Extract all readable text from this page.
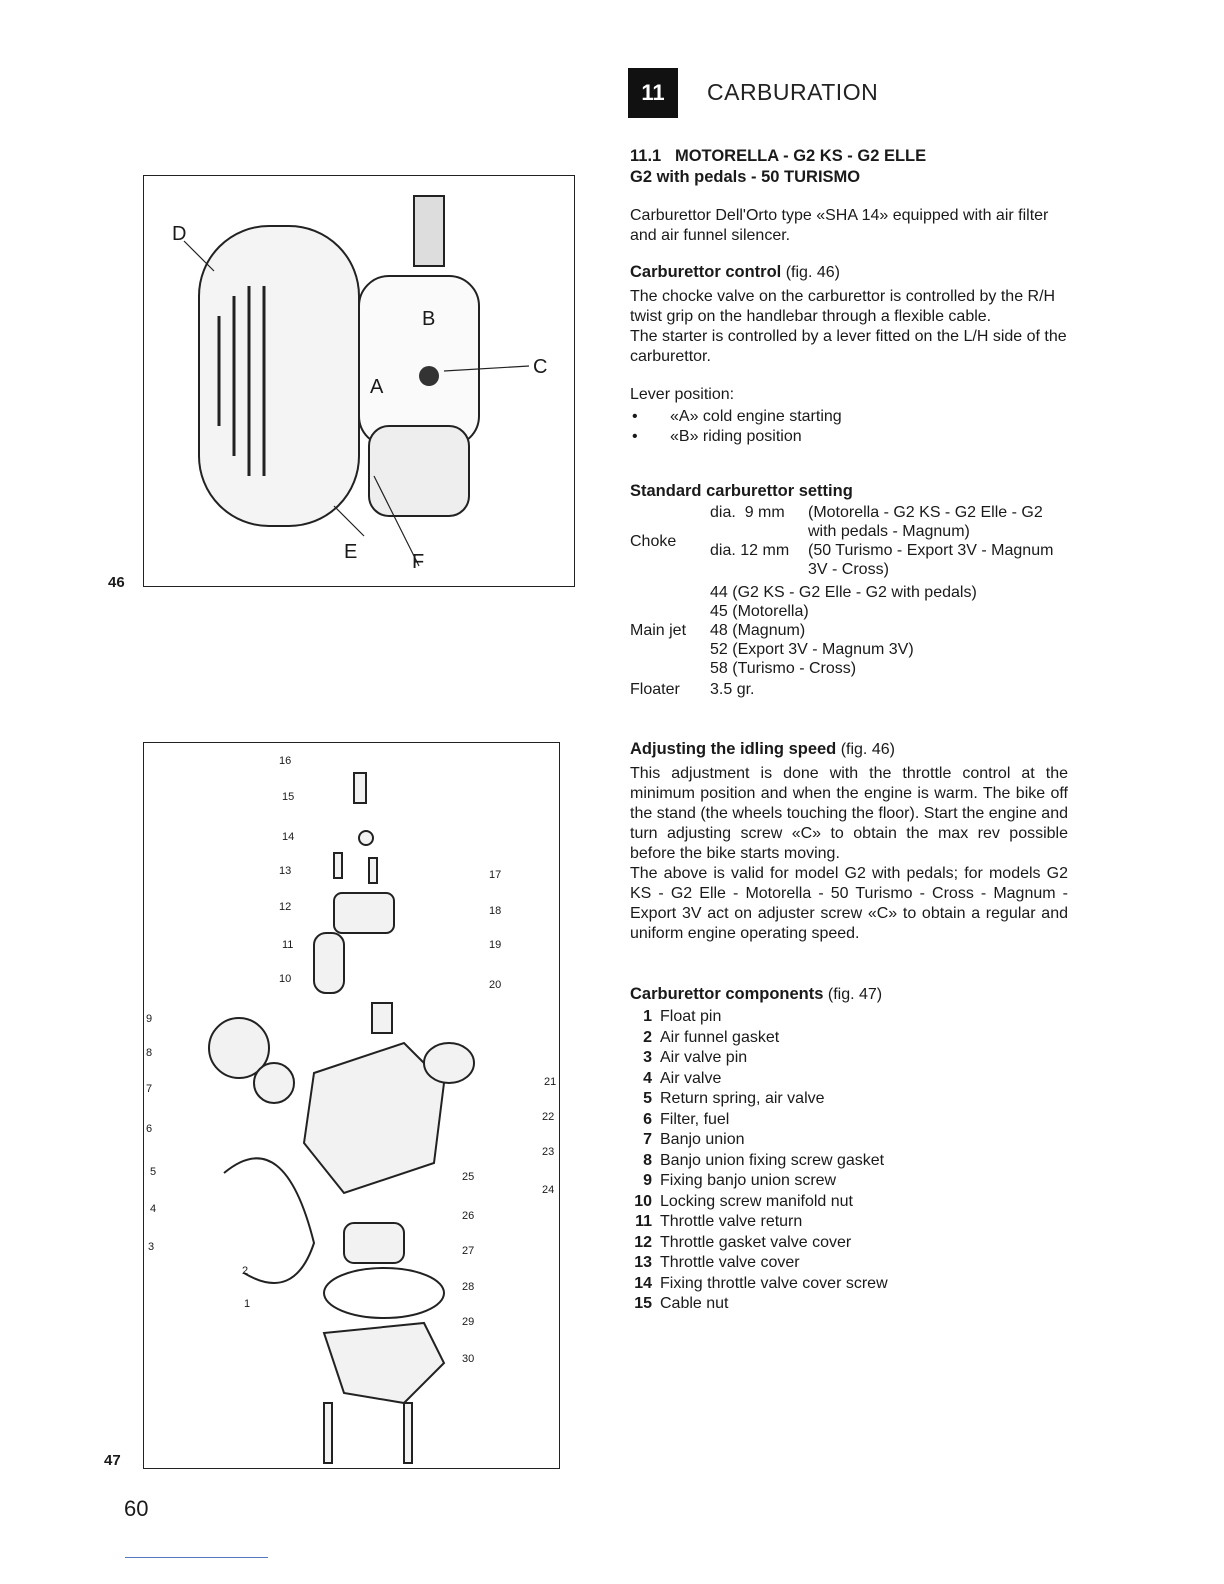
11	CARBURATION
11.1   MOTORELLA - G2 KS - G2 ELLE
G2 with pedals - 50 TURISMO

Carburettor Dell'Orto type «SHA 14» equipped with air filter and air funnel silencer.

Carburettor control (fig. 46)

The chocke valve on the carburettor is controlled by the R/H twist grip on the handlebar through a flexible cable.

The starter is controlled by a lever fitted on the L/H side of the carburettor.

Lever position:

• «A» cold engine starting
• «B» riding position
Standard carburettor setting
Choke	dia.  9 mm	(Motorella - G2 KS - G2 Elle - G2 with pedals - Magnum)
	dia. 12 mm	(50 Turismo - Export 3V - Magnum 3V - Cross)
Main jet	44 (G2 KS - G2 Elle - G2 with pedals)
45 (Motorella)
48 (Magnum)
52 (Export 3V - Magnum 3V)
58 (Turismo - Cross)	

Floater	3.5 gr.	
Adjusting the idling speed (fig. 46)

This adjustment is done with the throttle control at the minimum position and when the engine is warm. The bike off the stand (the wheels touching the floor). Start the engine and turn adjusting screw «C» to obtain the max rev possible before the bike starts moving.

The above is valid for model G2 with pedals; for models G2 KS - G2 Elle - Motorella - 50 Turismo - Cross - Magnum - Export 3V act on adjuster screw «C» to obtain a regular and uniform engine operating speed.

Carburettor components (fig. 47)
1 Float pin
2 Air funnel gasket
3 Air valve pin
4 Air valve
5 Return spring, air valve
6 Filter, fuel
7 Banjo union
8 Banjo union fixing screw gasket
9 Fixing banjo union screw
10 Locking screw manifold nut
11 Throttle valve return
12 Throttle gasket valve cover
13 Throttle valve cover
14 Fixing throttle valve cover screw
15 Cable nut
46
D
B
C
A
E	F
47
16
15
14
13
12
11
10
9
8
7
6
5
4
3
2
1
17
18
19
20
21
22
23
24
25
26
27
28
29
30
60
